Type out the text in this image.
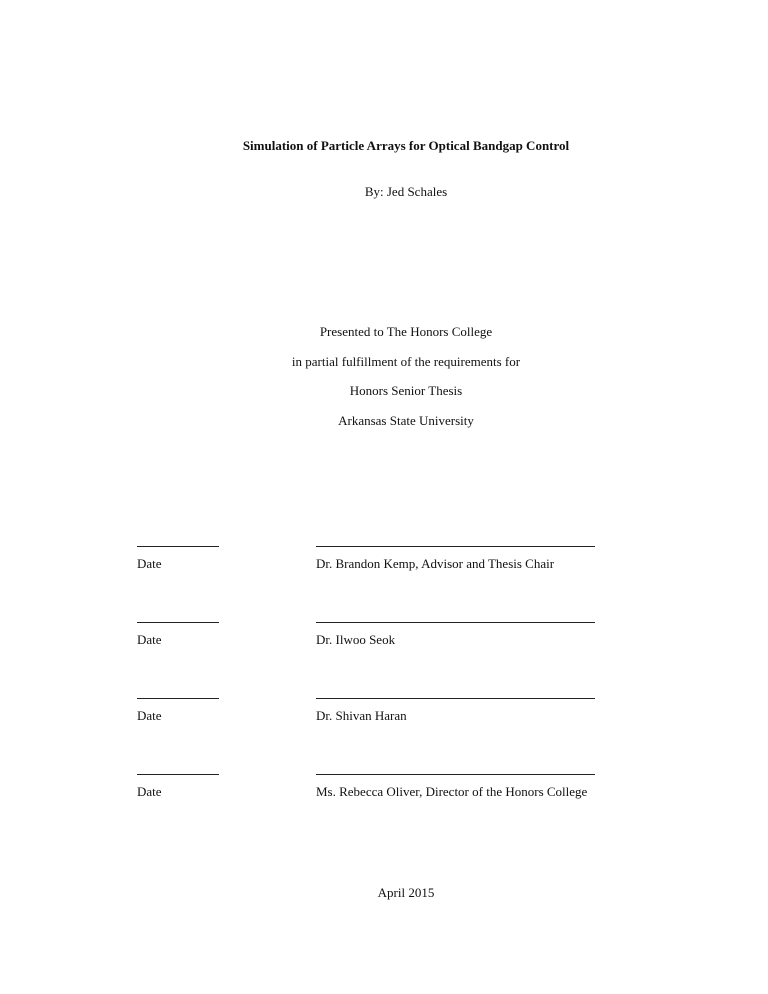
Simulation of Particle Arrays for Optical Bandgap Control
By: Jed Schales
Presented to The Honors College
in partial fulfillment of the requirements for
Honors Senior Thesis
Arkansas State University
Date	Dr. Brandon Kemp, Advisor and Thesis Chair
Date	Dr. Ilwoo Seok
Date	Dr. Shivan Haran
Date	Ms. Rebecca Oliver, Director of the Honors College
April 2015
